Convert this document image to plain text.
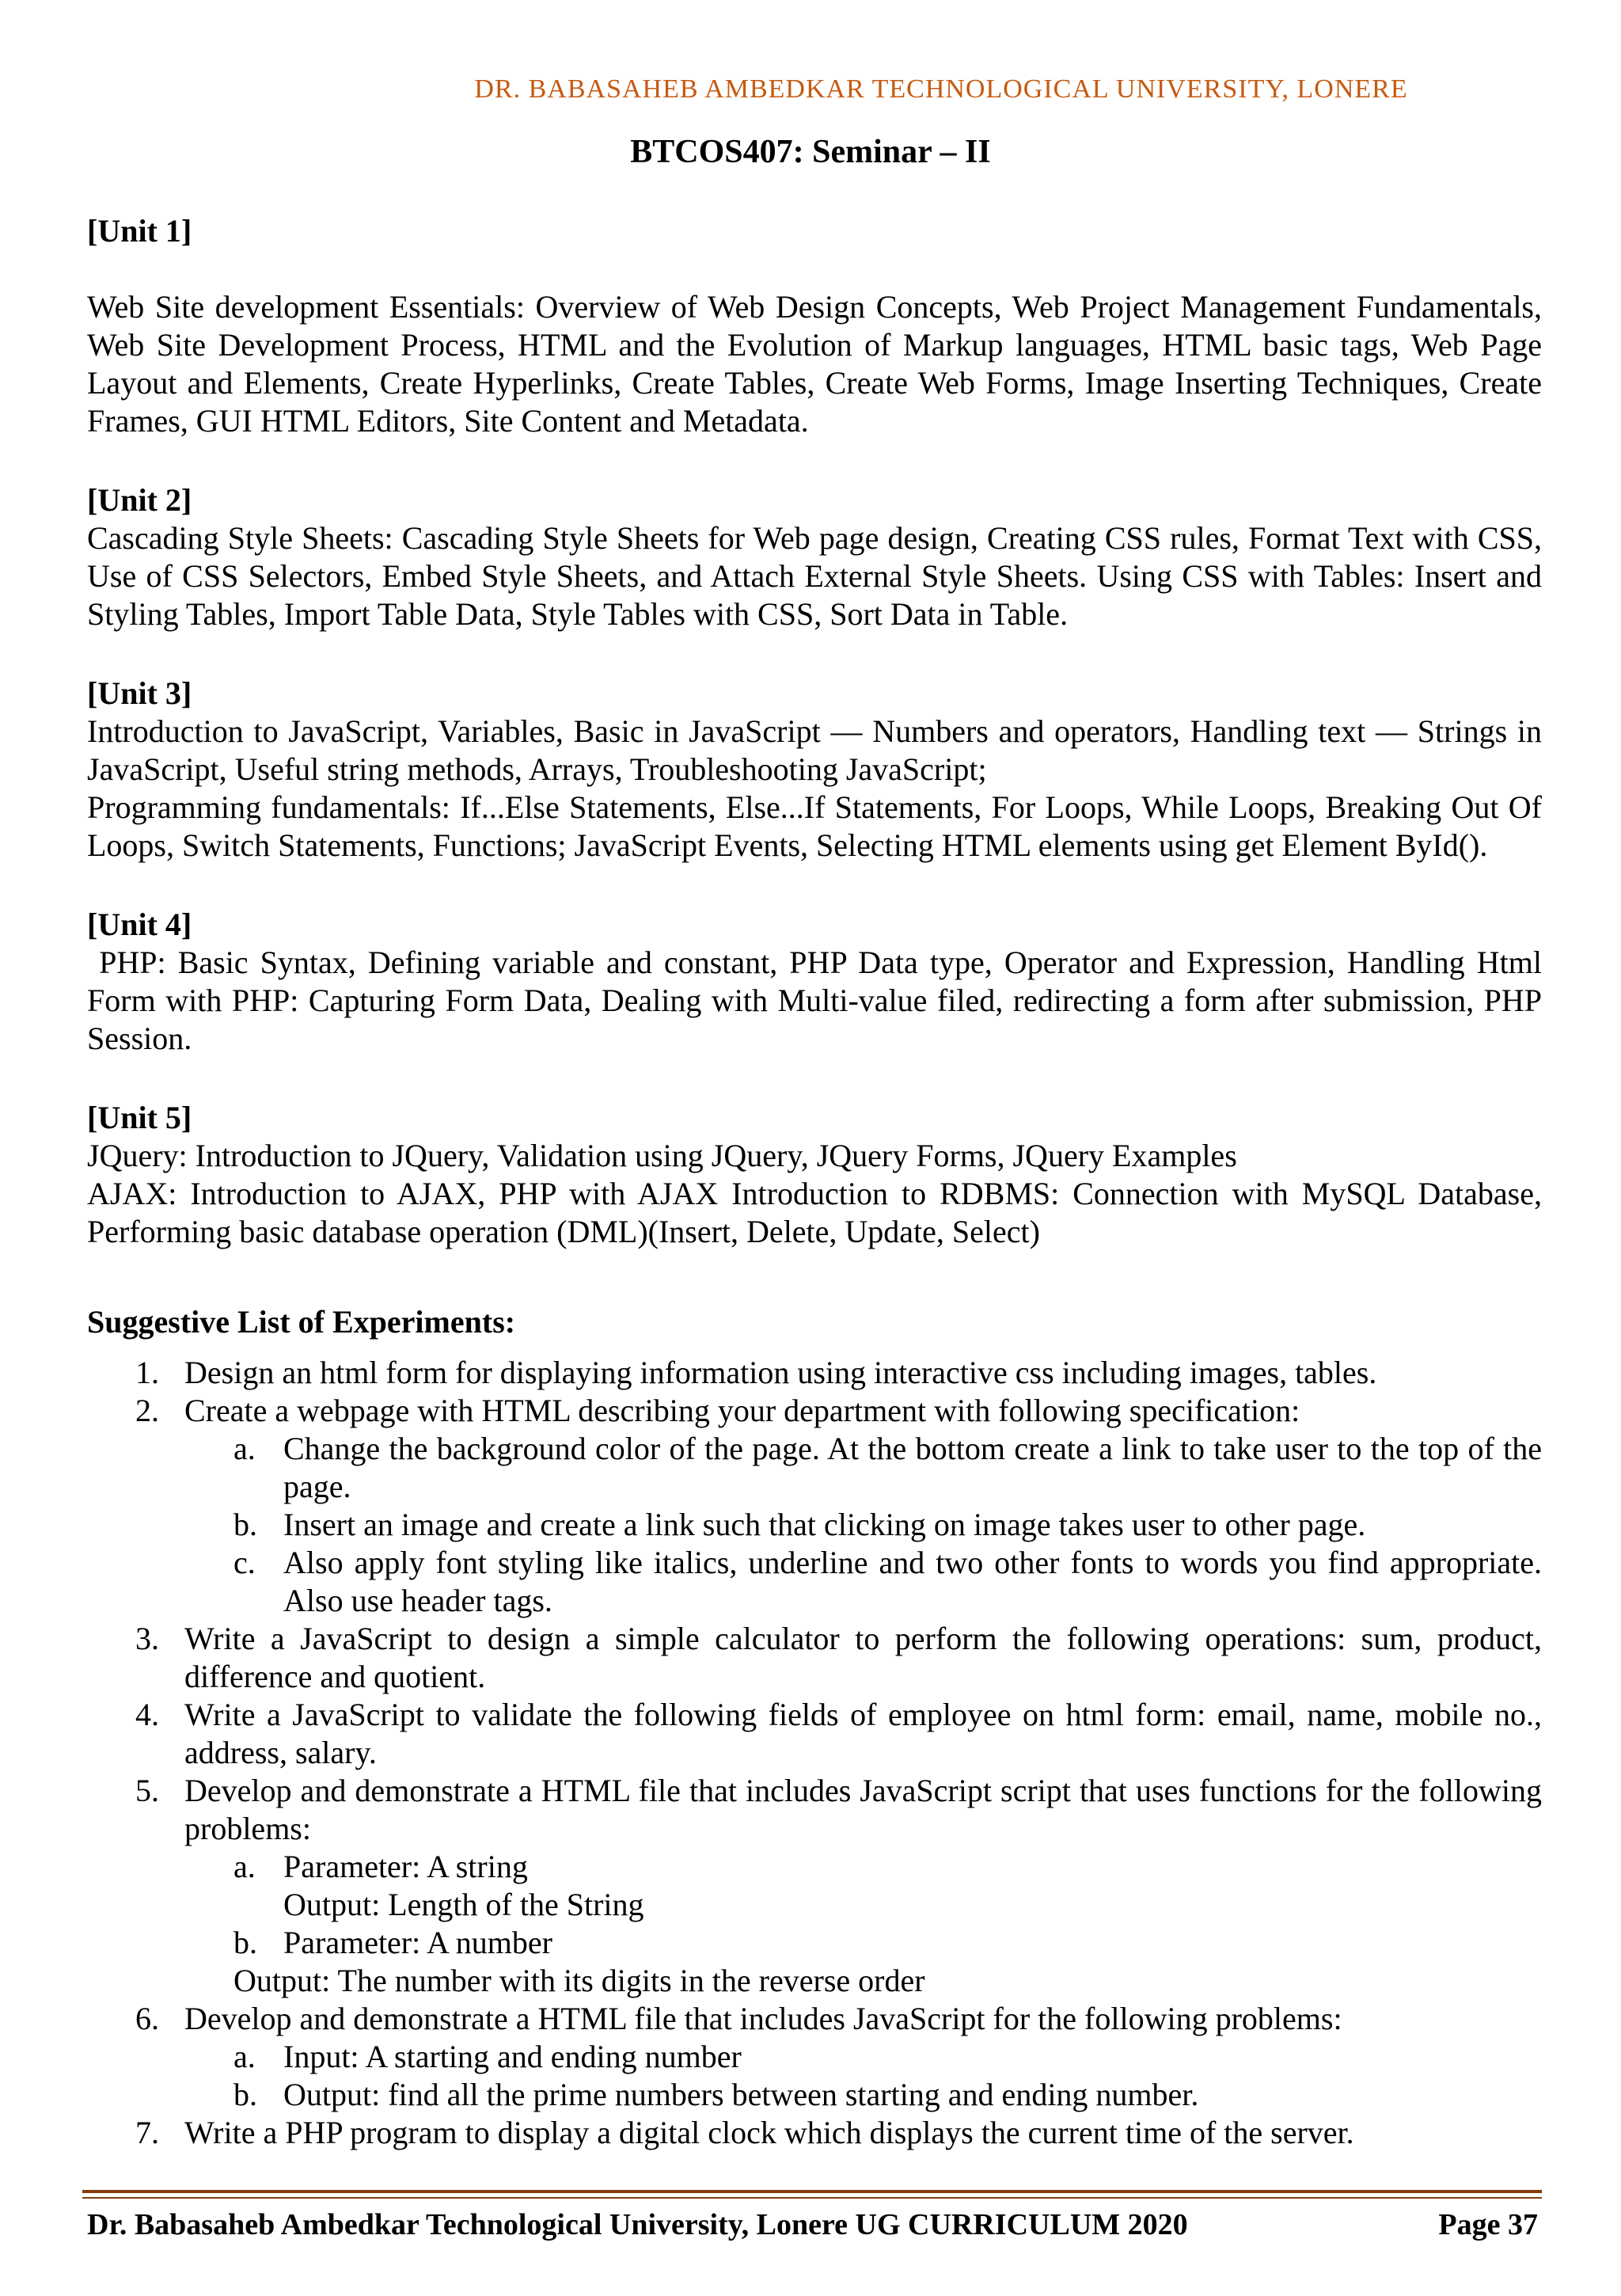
DR. BABASAHEB AMBEDKAR TECHNOLOGICAL UNIVERSITY, LONERE
BTCOS407: Seminar – II

[Unit 1]

Web Site development Essentials: Overview of Web Design Concepts, Web Project Management Fundamentals, Web Site Development Process, HTML and the Evolution of Markup languages, HTML basic tags, Web Page Layout and Elements, Create Hyperlinks, Create Tables, Create Web Forms, Image Inserting Techniques, Create Frames, GUI HTML Editors, Site Content and Metadata.

[Unit 2]

Cascading Style Sheets: Cascading Style Sheets for Web page design, Creating CSS rules, Format Text with CSS, Use of CSS Selectors, Embed Style Sheets, and Attach External Style Sheets. Using CSS with Tables: Insert and Styling Tables, Import Table Data, Style Tables with CSS, Sort Data in Table.

[Unit 3]

Introduction to JavaScript, Variables, Basic in JavaScript — Numbers and operators, Handling text — Strings in JavaScript, Useful string methods, Arrays, Troubleshooting JavaScript;

Programming fundamentals: If...Else Statements, Else...If Statements, For Loops, While Loops, Breaking Out Of Loops, Switch Statements, Functions; JavaScript Events, Selecting HTML elements using get Element ById().

[Unit 4]

PHP: Basic Syntax, Defining variable and constant, PHP Data type, Operator and Expression, Handling Html Form with PHP: Capturing Form Data, Dealing with Multi-value filed, redirecting a form after submission, PHP Session.

[Unit 5]

JQuery: Introduction to JQuery, Validation using JQuery, JQuery Forms, JQuery Examples

AJAX: Introduction to AJAX, PHP with AJAX Introduction to RDBMS: Connection with MySQL Database, Performing basic database operation (DML)(Insert, Delete, Update, Select)

Suggestive List of Experiments:

1. Design an html form for displaying information using interactive css including images, tables.
2. Create a webpage with HTML describing your department with following specification:
a. Change the background color of the page. At the bottom create a link to take user to the top of the page.
b. Insert an image and create a link such that clicking on image takes user to other page.
c. Also apply font styling like italics, underline and two other fonts to words you find appropriate. Also use header tags.
3. Write a JavaScript to design a simple calculator to perform the following operations: sum, product, difference and quotient.
4. Write a JavaScript to validate the following fields of employee on html form: email, name, mobile no., address, salary.
5. Develop and demonstrate a HTML file that includes JavaScript script that uses functions for the following problems:
a. Parameter: A string
Output: Length of the String
b. Parameter: A number
Output: The number with its digits in the reverse order
6. Develop and demonstrate a HTML file that includes JavaScript for the following problems:
a. Input: A starting and ending number
b. Output: find all the prime numbers between starting and ending number.
7. Write a PHP program to display a digital clock which displays the current time of the server.
Dr. Babasaheb Ambedkar Technological University, Lonere UG CURRICULUM 2020	Page 37
